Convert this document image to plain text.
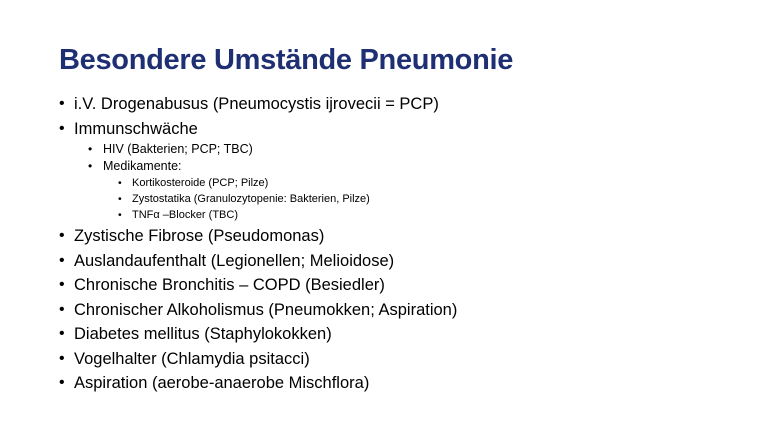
Besondere Umstände Pneumonie
• i.V. Drogenabusus (Pneumocystis ijrovecii = PCP)
• Immunschwäche
• HIV (Bakterien; PCP; TBC)
• Medikamente:
• Kortikosteroide (PCP; Pilze)
• Zystostatika (Granulozytopenie: Bakterien, Pilze)
• TNFα –Blocker (TBC)
• Zystische Fibrose (Pseudomonas)
• Auslandaufenthalt (Legionellen; Melioidose)
• Chronische Bronchitis – COPD (Besiedler)
• Chronischer Alkoholismus (Pneumokken; Aspiration)
• Diabetes mellitus (Staphylokokken)
• Vogelhalter (Chlamydia psitacci)
• Aspiration (aerobe-anaerobe Mischflora)
